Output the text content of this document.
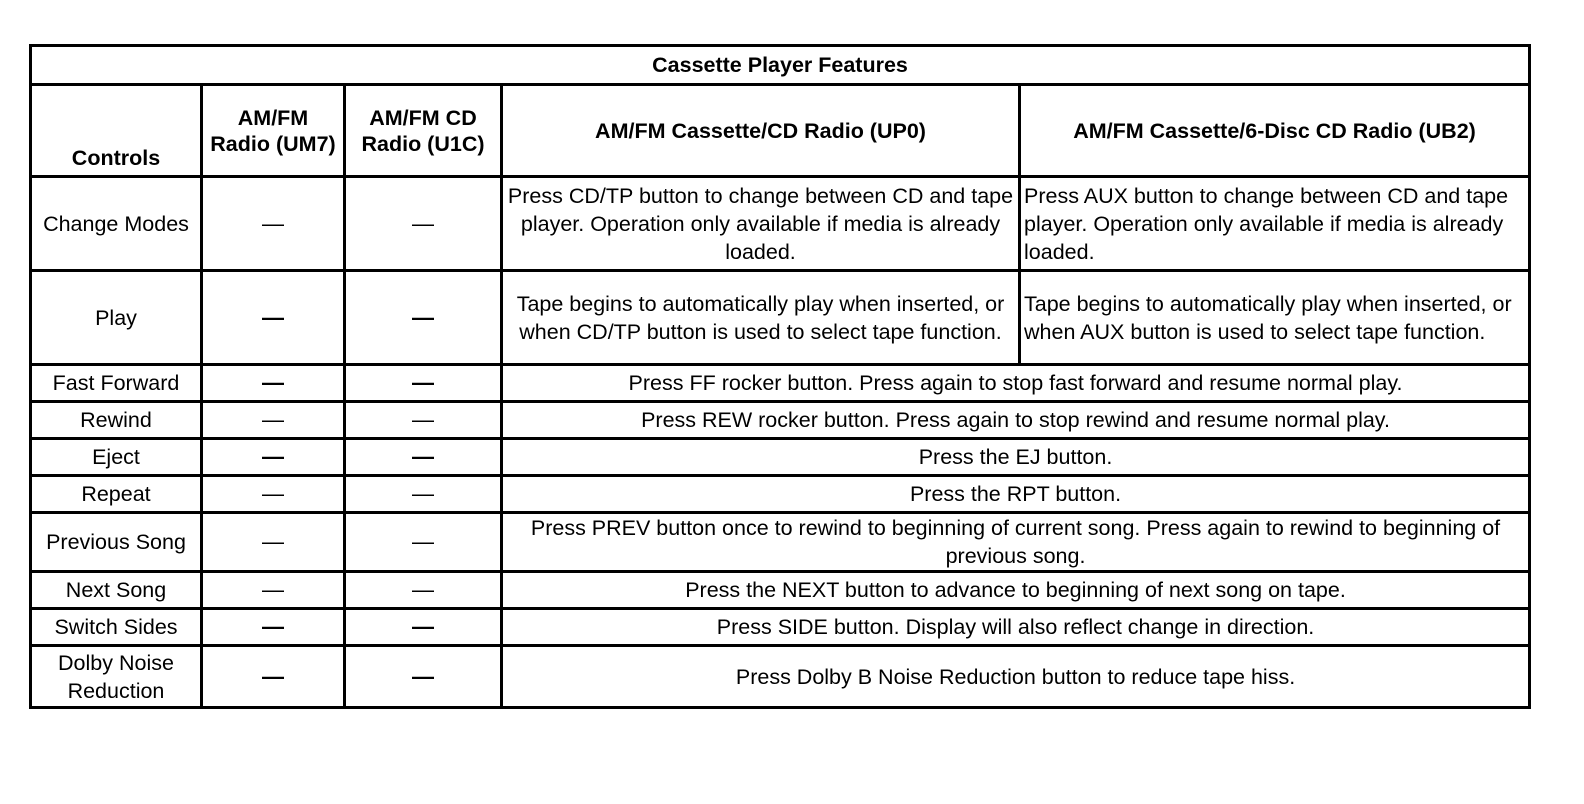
Cassette Player Features				
Controls	AM/FM Radio (UM7)	AM/FM CD Radio (U1C)	AM/FM Cassette/CD Radio (UP0)	AM/FM Cassette/6-Disc CD Radio (UB2)
Change Modes	—	—	Press CD/TP button to change between CD and tape player. Operation only available if media is already loaded.	Press AUX button to change between CD and tape player. Operation only available if media is already loaded.
Play	—	—	Tape begins to automatically play when inserted, or when CD/TP button is used to select tape function.	Tape begins to automatically play when inserted, or when AUX button is used to select tape function.
Fast Forward	—	—	Press FF rocker button. Press again to stop fast forward and resume normal play.	
Rewind	—	—	Press REW rocker button. Press again to stop rewind and resume normal play.	
Eject	—	—	Press the EJ button.	
Repeat	—	—	Press the RPT button.	
Previous Song	—	—	Press PREV button once to rewind to beginning of current song. Press again to rewind to beginning of previous song.	
Next Song	—	—	Press the NEXT button to advance to beginning of next song on tape.	
Switch Sides	—	—	Press SIDE button. Display will also reflect change in direction.	
Dolby Noise Reduction	—	—	Press Dolby B Noise Reduction button to reduce tape hiss.	
